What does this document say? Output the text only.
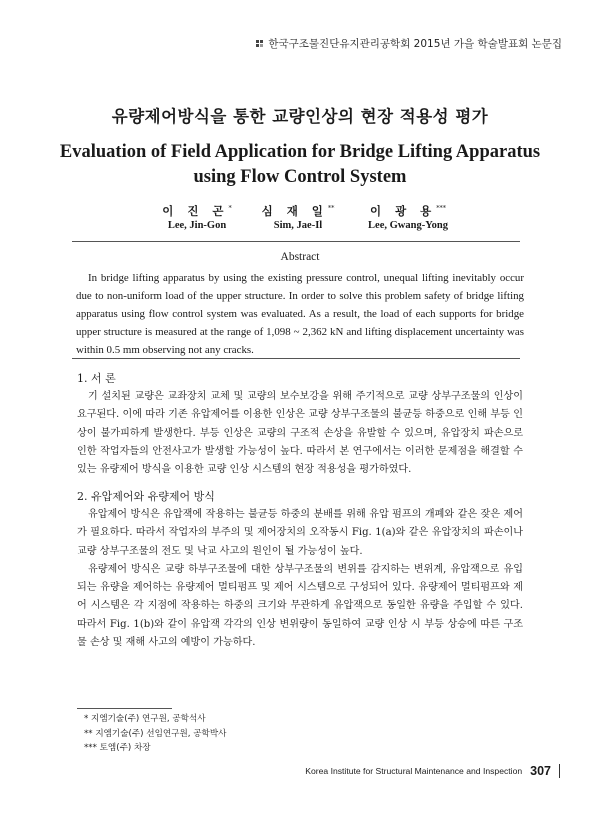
한국구조물진단유지관리공학회 2015년 가을 학술발표회 논문집
유량제어방식을 통한 교량인상의 현장 적용성 평가
Evaluation of Field Application for Bridge Lifting Apparatus using Flow Control System
이 진 곤*
Lee, Jin-Gon
심 재 일**
Sim, Jae-Il
이 광 용***
Lee, Gwang-Yong
Abstract

In bridge lifting apparatus by using the existing pressure control, unequal lifting inevitably occur due to non-uniform load of the upper structure. In order to solve this problem safety of bridge lifting apparatus using flow control system was evaluated. As a result, the load of each supports for bridge upper structure is measured at the range of 1,098 ~ 2,362 kN and lifting displacement uncertainty was within 0.5 mm observing not any cracks.

1. 서 론

기 설치된 교량은 교좌장치 교체 및 교량의 보수보강을 위해 주기적으로 교량 상부구조물의 인상이 요구된다. 이에 따라 기존 유압제어를 이용한 인상은 교량 상부구조물의 불균등 하중으로 인해 부등 인상이 불가피하게 발생한다. 부등 인상은 교량의 구조적 손상을 유발할 수 있으며, 유압장치 파손으로 인한 작업자들의 안전사고가 발생할 가능성이 높다. 따라서 본 연구에서는 이러한 문제점을 해결할 수 있는 유량제어 방식을 이용한 교량 인상 시스템의 현장 적용성을 평가하였다.

2. 유압제어와 유량제어 방식

유압제어 방식은 유압잭에 작용하는 불균등 하중의 분배를 위해 유압 펌프의 개폐와 같은 잦은 제어가 필요하다. 따라서 작업자의 부주의 및 제어장치의 오작동시 Fig. 1(a)와 같은 유압장치의 파손이나 교량 상부구조물의 전도 및 낙교 사고의 원인이 될 가능성이 높다.

유량제어 방식은 교량 하부구조물에 대한 상부구조물의 변위를 감지하는 변위계, 유압잭으로 유입되는 유량을 제어하는 유량제어 멀티펌프 및 제어 시스템으로 구성되어 있다. 유량제어 멀티펌프와 제어 시스템은 각 지점에 작용하는 하중의 크기와 무관하게 유압잭으로 동일한 유량을 주입할 수 있다. 따라서 Fig. 1(b)와 같이 유압잭 각각의 인상 변위량이 동일하여 교량 인상 시 부등 상승에 따른 구조물 손상 및 재해 사고의 예방이 가능하다.

* 지엠기술(주) 연구원, 공학석사
** 지엠기술(주) 선임연구원, 공학박사
*** 토엠(주) 차장
Korea Institute for Structural Maintenance and Inspection 307
